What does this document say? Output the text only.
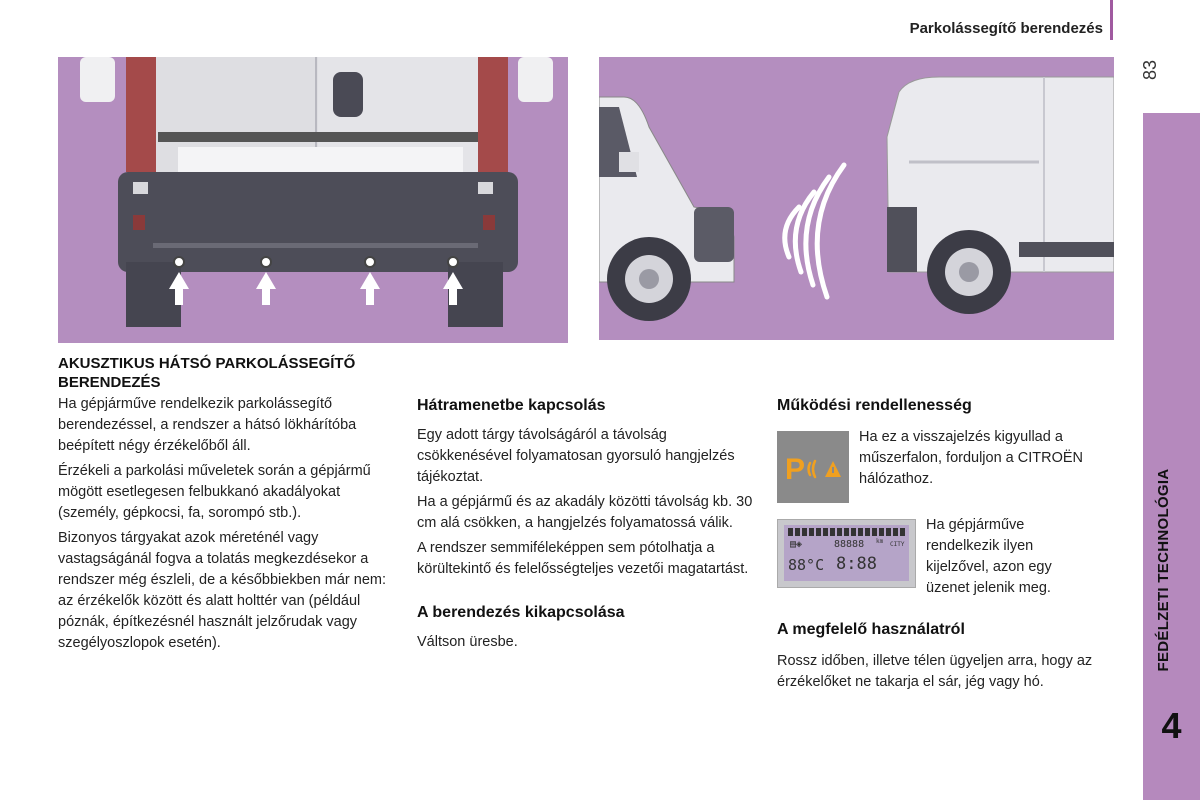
Parkolássegítő berendezés
83
FEDÉLZETI TECHNOLÓGIA
4
AKUSZTIKUS HÁTSÓ PARKOLÁSSEGÍTŐ BERENDEZÉS

Ha gépjárműve rendelkezik parkolássegítő berendezéssel, a rendszer a hátsó lökhárítóba beépített négy érzékelőből áll.

Érzékeli a parkolási műveletek során a gépjármű mögött esetlegesen felbukkanó akadályokat (személy, gépkocsi, fa, sorompó stb.).

Bizonyos tárgyakat azok méreténél vagy vastagságánál fogva a tolatás megkezdésekor a rendszer még észleli, de a későbbiekben már nem: az érzékelők között és alatt holttér van (például póznák, építkezésnél használt jelzőrudak vagy szegélyoszlopok esetén).

Hátramenetbe kapcsolás

Egy adott tárgy távolságáról a távolság csökkenésével folyamatosan gyorsuló hangjelzés tájékoztat.

Ha a gépjármű és az akadály közötti távolság kb. 30 cm alá csökken, a hangjelzés folyamatossá válik.

A rendszer semmiféleképpen sem pótolhatja a körültekintő és felelősségteljes vezetői magatartást.

A berendezés kikapcsolása

Váltson üresbe.

Működési rendellenesség
P

Ha ez a visszajelzés kigyullad a műszerfalon, forduljon a CITROËN hálózathoz.

▤◈	88888 km CITY
88°C 8:88

Ha gépjárműve rendelkezik ilyen kijelzővel, azon egy üzenet jelenik meg.

A megfelelő használatról

Rossz időben, illetve télen ügyeljen arra, hogy az érzékelőket ne takarja el sár, jég vagy hó.
